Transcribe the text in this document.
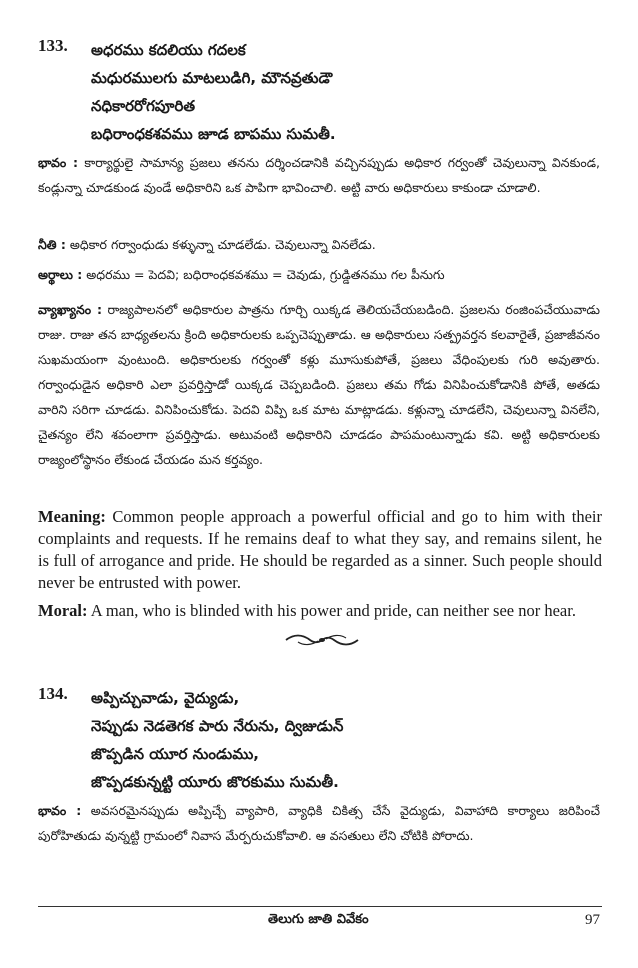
133. అధరము కదలియు గదలక
మధురములగు మాటలుడిగి, మౌనవ్రతుడౌ
నధికారరోగపూరిత
బధిరాంధకశవము జూడ బాపము సుమతీ.
భావం : కార్యార్థులై సామాన్య ప్రజలు తనను దర్శించడానికి వచ్చినప్పుడు అధికార గర్వంతో చెవులున్నా వినకుండ, కండ్లున్నా చూడకుండ వుండే అధికారిని ఒక పాపిగా భావించాలి. అట్టి వారు అధికారులు కాకుండా చూడాలి.
నీతి : అధికార గర్వాంధుడు కళ్ళున్నా చూడలేడు. చెవులున్నా వినలేడు.
అర్థాలు : అధరము = పెదవి; బధిరాంధకవశము = చెవుడు, గ్రుడ్డితనము గల పీనుగు
వ్యాఖ్యానం : రాజ్యపాలనలో అధికారుల పాత్రను గూర్చి యిక్కడ తెలియచేయబడింది. ప్రజలను రంజింపచేయువాడు రాజు. రాజు తన బాధ్యతలను క్రింది అధికారులకు ఒప్పచెప్పుతాడు. ఆ అధికారులు సత్ప్రవర్తన కలవారైతే, ప్రజాజీవనం సుఖమయంగా వుంటుంది. అధికారులకు గర్వంతో కళ్లు మూసుకుపోతే, ప్రజలు వేధింపులకు గురి అవుతారు. గర్వాంధుడైన అధికారి ఎలా ప్రవర్తిస్తాడో యిక్కడ చెప్పబడింది. ప్రజలు తమ గోడు వినిపించుకోడానికి పోతే, అతడు వారిని సరిగా చూడడు. వినిపించుకోడు. పెదవి విప్పి ఒక మాట మాట్లాడడు. కళ్లున్నా చూడలేని, చెవులున్నా వినలేని, చైతన్యం లేని శవంలాగా ప్రవర్తిస్తాడు. అటువంటి అధికారిని చూడడం పాపమంటున్నాడు కవి. అట్టి అధికారులకు రాజ్యంలోస్థానం లేకుండ చేయడం మన కర్తవ్యం.
Meaning: Common people approach a powerful official and go to him with their complaints and requests. If he remains deaf to what they say, and remains silent, he is full of arrogance and pride. He should be regarded as a sinner. Such people should never be entrusted with power.
Moral: A man, who is blinded with his power and pride, can neither see nor hear.
134. అప్పిచ్చువాడు, వైద్యుడు,
నెప్పుడు నెడతెగక పారు నేరును, ద్విజుడున్
జొప్పడిన యూర నుండుము,
జొప్పడకున్నట్టి యూరు జొరకుము సుమతీ.
భావం : అవసరమైనప్పుడు అప్పిచ్చే వ్యాపారి, వ్యాధికి చికిత్స చేసే వైద్యుడు, వివాహాది కార్యాలు జరిపించే పురోహితుడు వున్నట్టి గ్రామంలో నివాస మేర్పరుచుకోవాలి. ఆ వసతులు లేని చోటికి పోరాదు.
తెలుగు జాతి వివేకం	97
